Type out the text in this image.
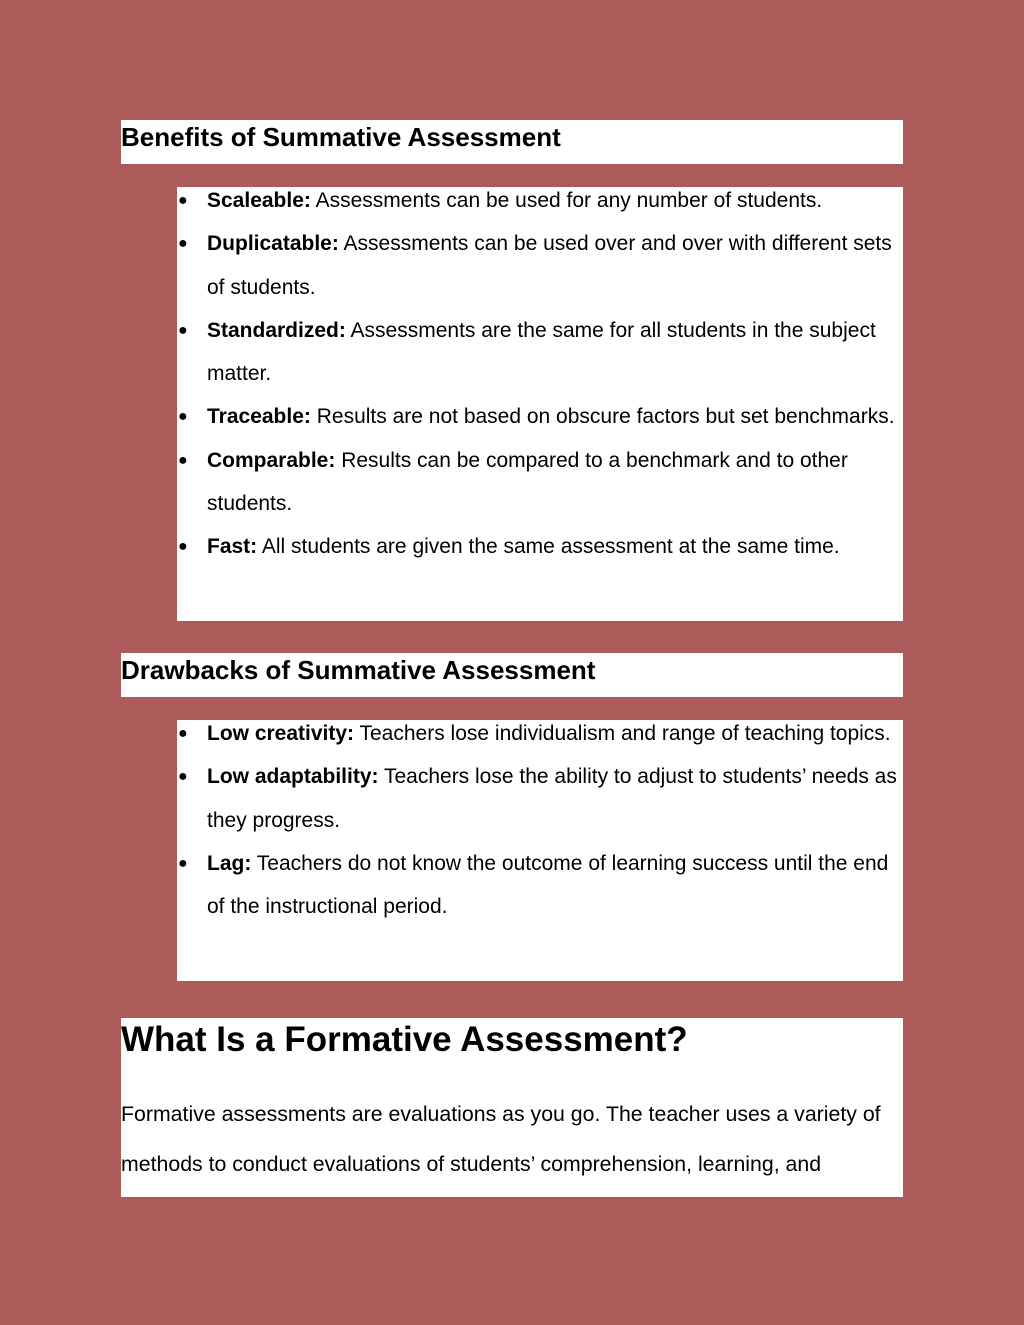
Benefits of Summative Assessment
● Scaleable: Assessments can be used for any number of students.
● Duplicatable: Assessments can be used over and over with different sets of students.
● Standardized: Assessments are the same for all students in the subject matter.
● Traceable: Results are not based on obscure factors but set benchmarks.
● Comparable: Results can be compared to a benchmark and to other students.
● Fast: All students are given the same assessment at the same time.
Drawbacks of Summative Assessment
● Low creativity: Teachers lose individualism and range of teaching topics.
● Low adaptability: Teachers lose the ability to adjust to students’ needs as they progress.
● Lag: Teachers do not know the outcome of learning success until the end of the instructional period.
What Is a Formative Assessment?

Formative assessments are evaluations as you go. The teacher uses a variety of methods to conduct evaluations of students’ comprehension, learning, and
